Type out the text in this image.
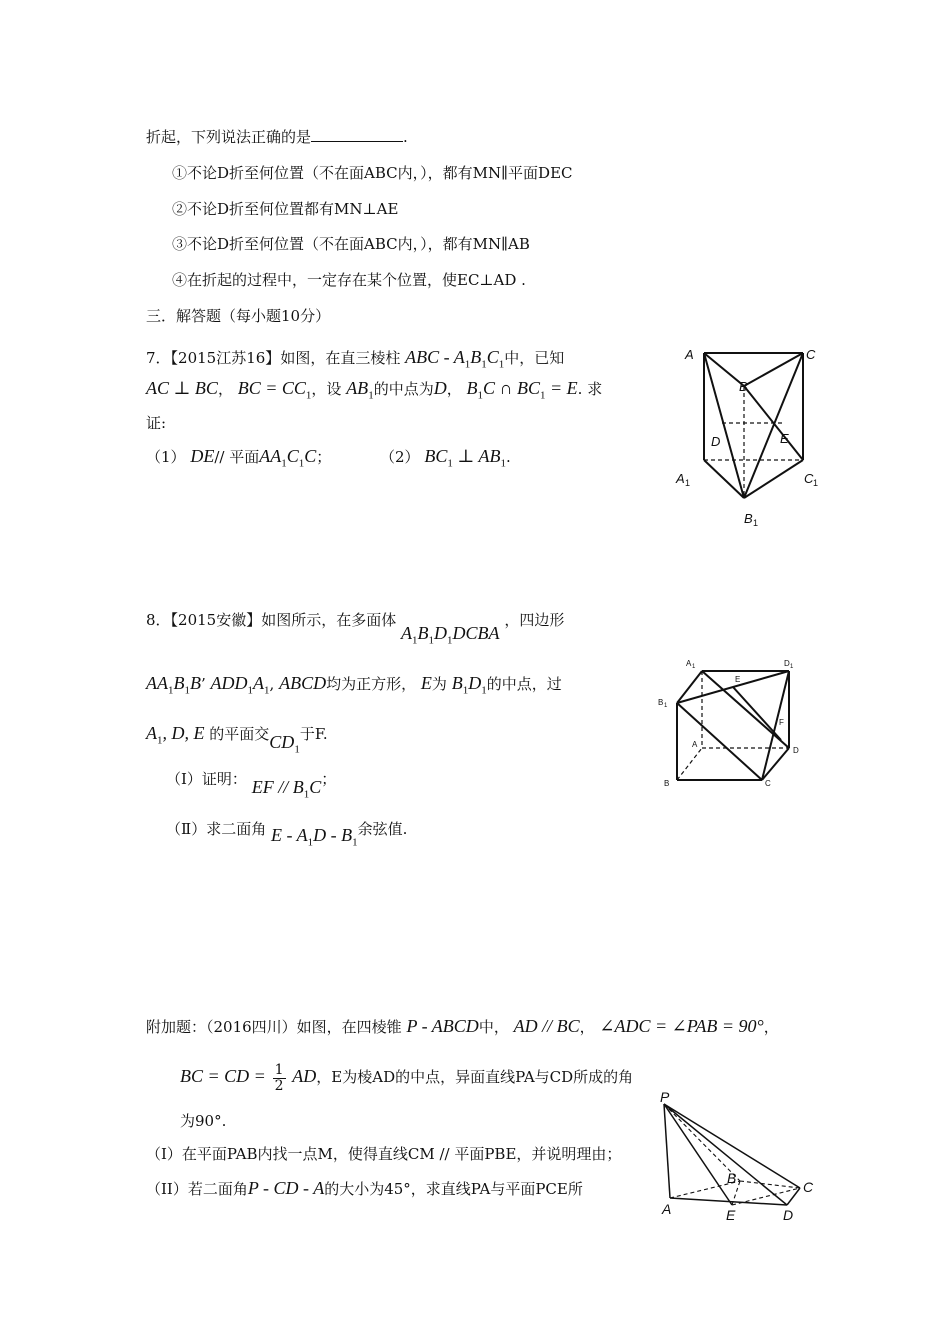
折起，下列说法正确的是	.
①不论D折至何位置（不在面ABC内，），都有MN∥平面DEC
②不论D折至何位置都有MN⊥AE
③不论D折至何位置（不在面ABC内，），都有MN∥AB
④在折起的过程中，一定存在某个位置，使EC⊥AD .
三．解答题（每小题10分）
7．【2015江苏16】如图，在直三棱柱 ABC - $A_1B_1C_1$中，已知
AC ⊥ BC， BC = $CC_1$，设 $AB_1$的中点为D， $B_1C$ ∩ $BC_1 = E$. 求
证:
（1） DE// 平面$AA_1C_1C$；	（2） $BC_1$ ⊥ $AB_1$.
A	C
B
D	E
A 1	C 1
B 1
8．【2015安徽】如图所示，在多面体 $A_1B_1D_1DCBA$ ，四边形
$AA_1B_1B$’ $ADD_1A_1$, ABCD均为正方形， E为 $B_1D_1$的中点，过
$A_1$, D, E 的平面交$CD_1$于F.
（Ⅰ）证明： EF // $B_1C$；
（Ⅱ）求二面角 E - $A_1D - B_1$余弦值.
A 1	D 1
E
B 1
F
A
D
B	C
附加题：（2016四川）如图，在四棱锥 P - ABCD中， AD // BC， ∠ADC = ∠PAB = 90°，
BC = CD = $\frac{1}{2}$ AD，E为棱AD的中点，异面直线PA与CD所成的角
为90°.
（I）在平面PAB内找一点M，使得直线CM // 平面PBE，并说明理由；
（II）若二面角P - CD - A的大小为45°，求直线PA与平面PCE所
P
B
C
A	E	D
